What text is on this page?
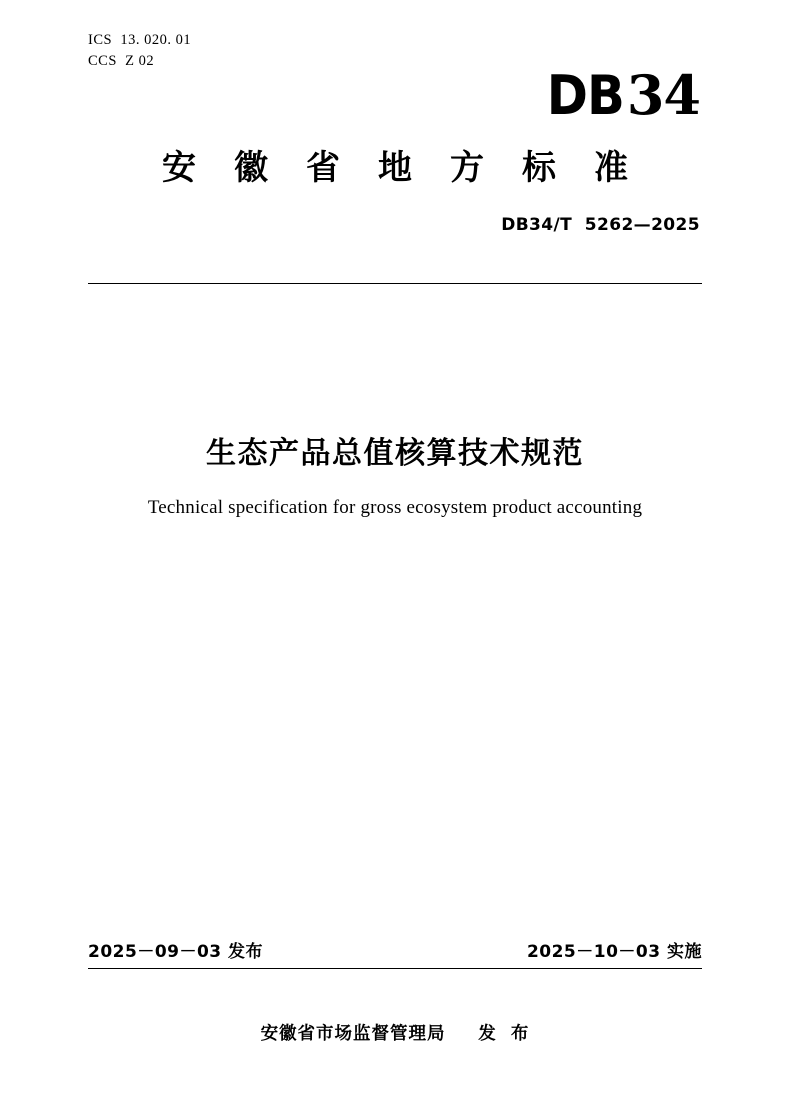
ICS  13. 020. 01
CCS  Z 02
DB34
安 徽 省 地 方 标 准
DB34/T  5262—2025
生态产品总值核算技术规范
Technical specification for gross ecosystem product accounting
2025－09－03 发布	2025－10－03 实施
安徽省市场监督管理局　  发  布
